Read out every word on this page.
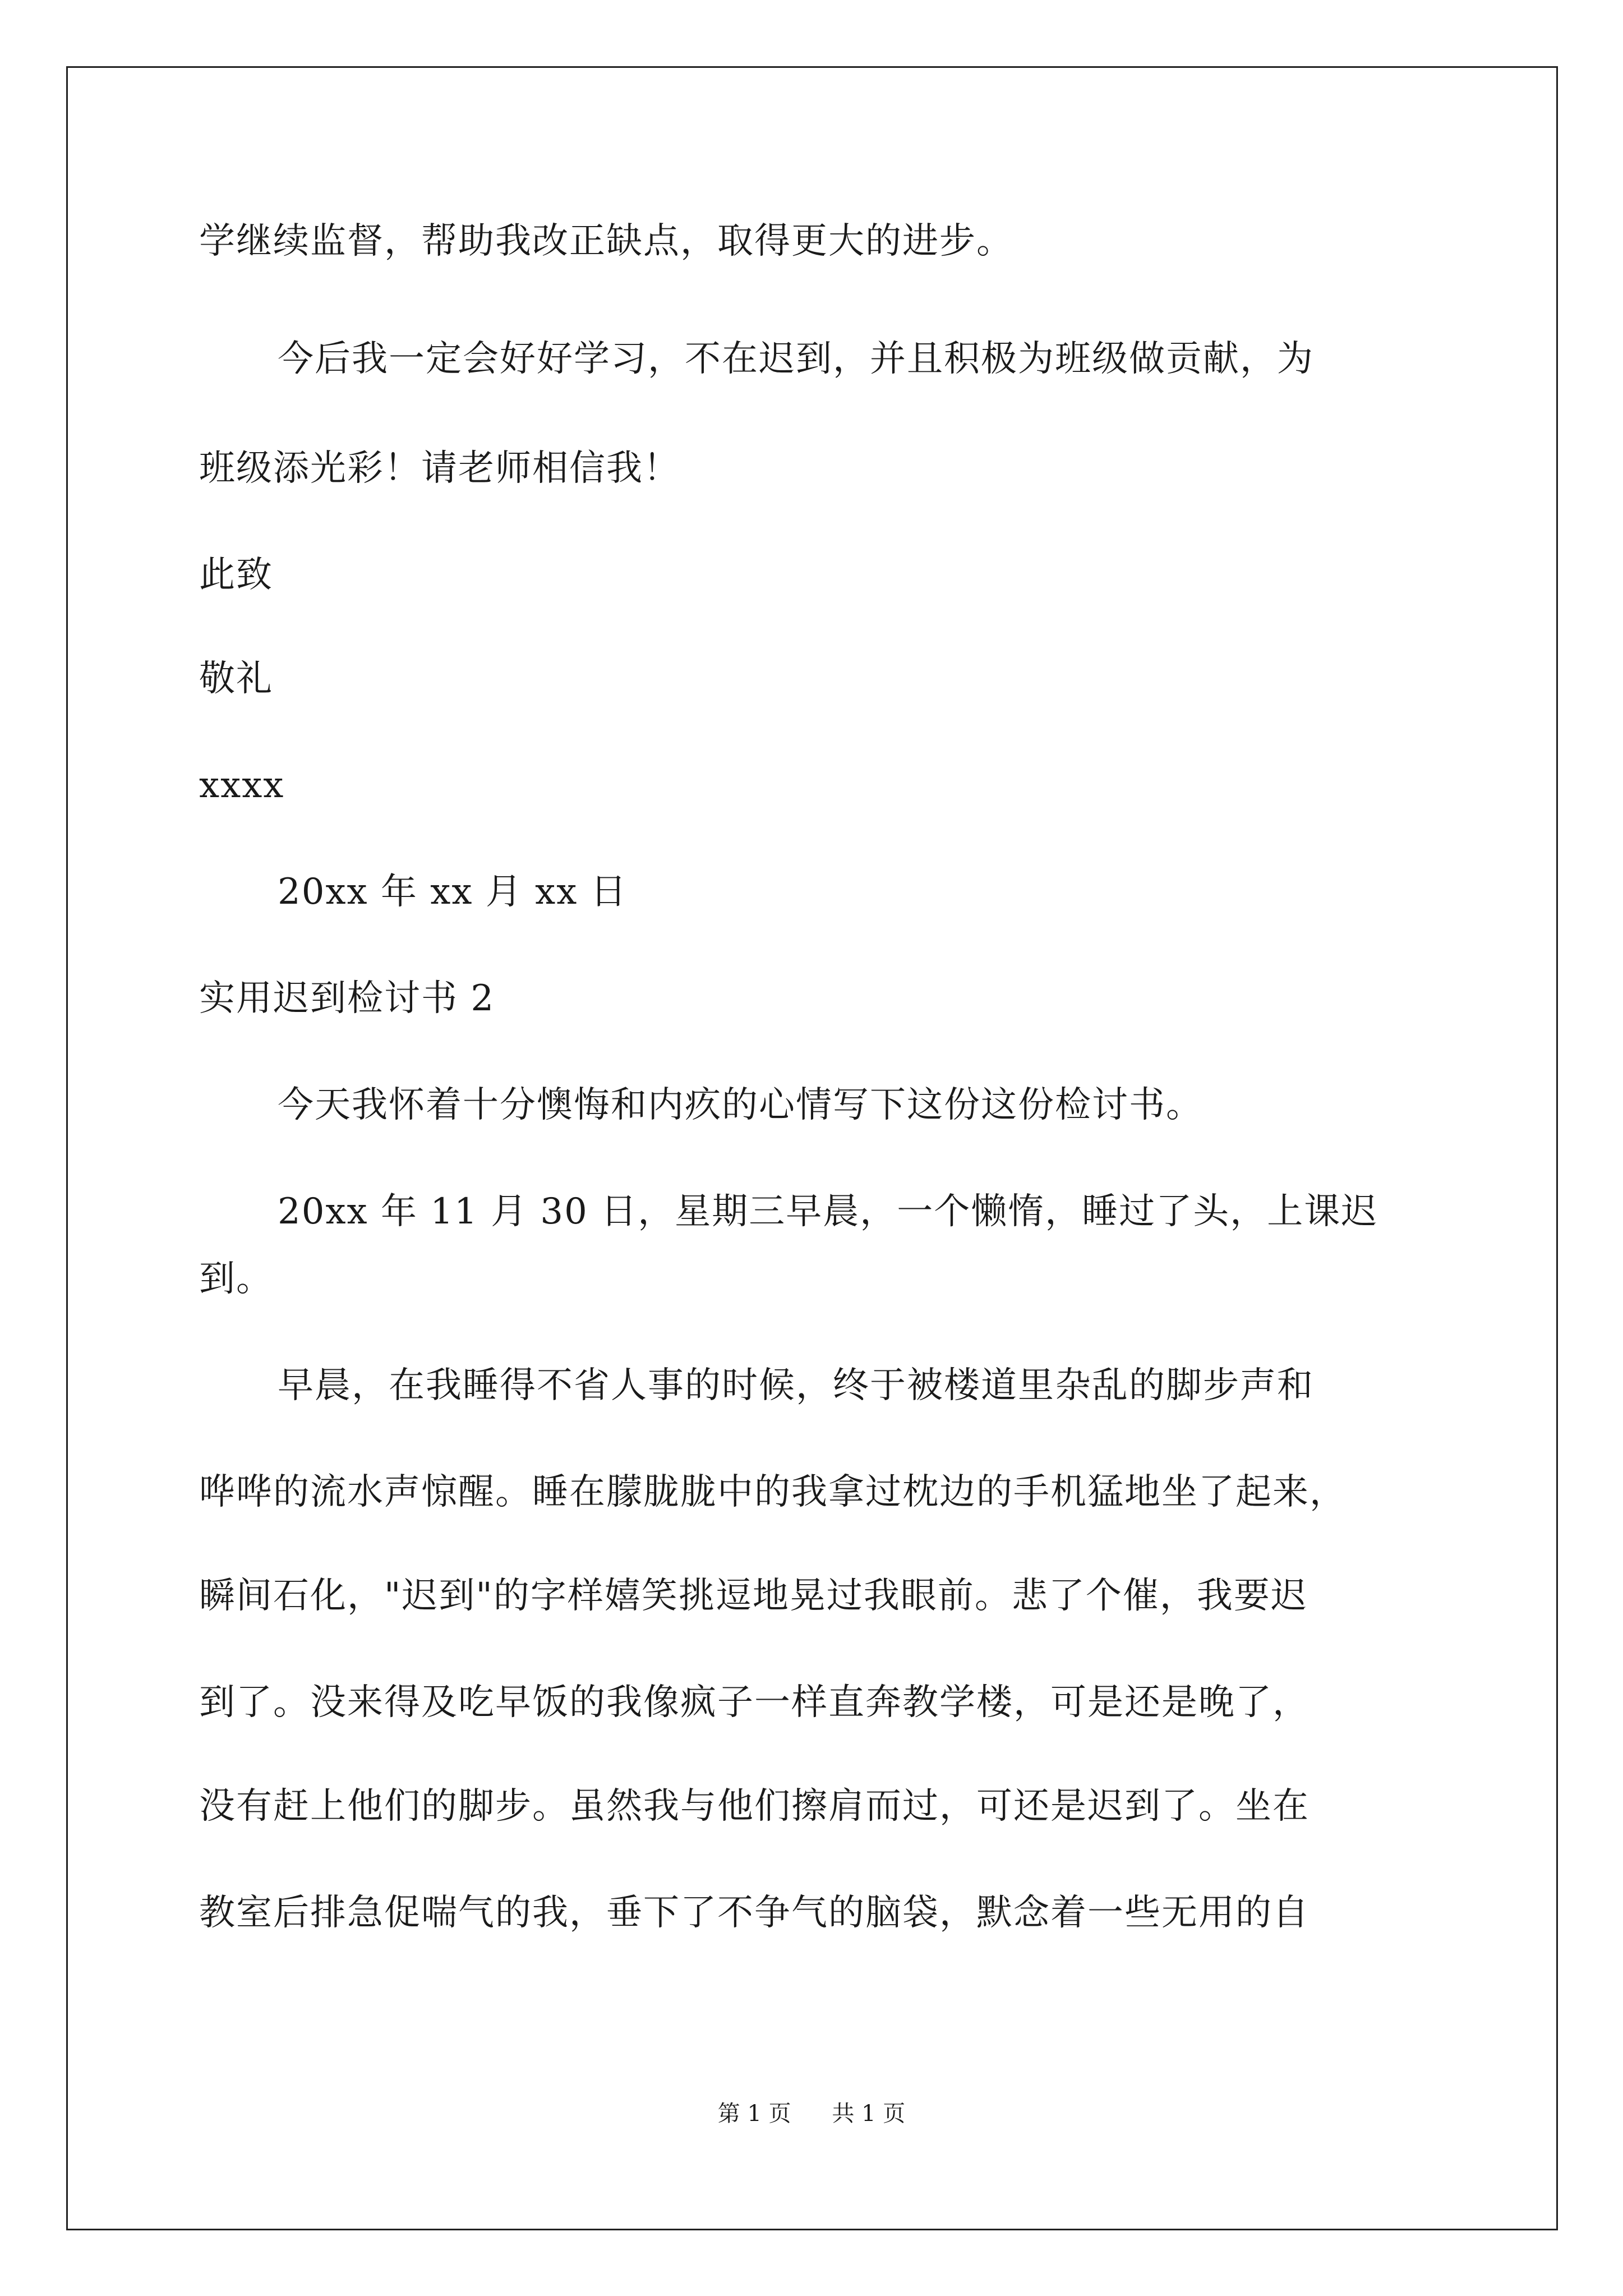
学继续监督，帮助我改正缺点，取得更大的进步。
今后我一定会好好学习，不在迟到，并且积极为班级做贡献，为
班级添光彩！请老师相信我！
此致
敬礼
xxxx
20xx 年 xx 月 xx 日
实用迟到检讨书 2
今天我怀着十分懊悔和内疚的心情写下这份这份检讨书。
20xx 年 11 月 30 日，星期三早晨，一个懒惰，睡过了头，上课迟
到。
早晨，在我睡得不省人事的时候，终于被楼道里杂乱的脚步声和
哗哗的流水声惊醒。睡在朦胧胧中的我拿过枕边的手机猛地坐了起来，
瞬间石化，"迟到"的字样嬉笑挑逗地晃过我眼前。悲了个催，我要迟
到了。没来得及吃早饭的我像疯子一样直奔教学楼，可是还是晚了，
没有赶上他们的脚步。虽然我与他们擦肩而过，可还是迟到了。坐在
教室后排急促喘气的我，垂下了不争气的脑袋，默念着一些无用的自
第 1 页 共 1 页
